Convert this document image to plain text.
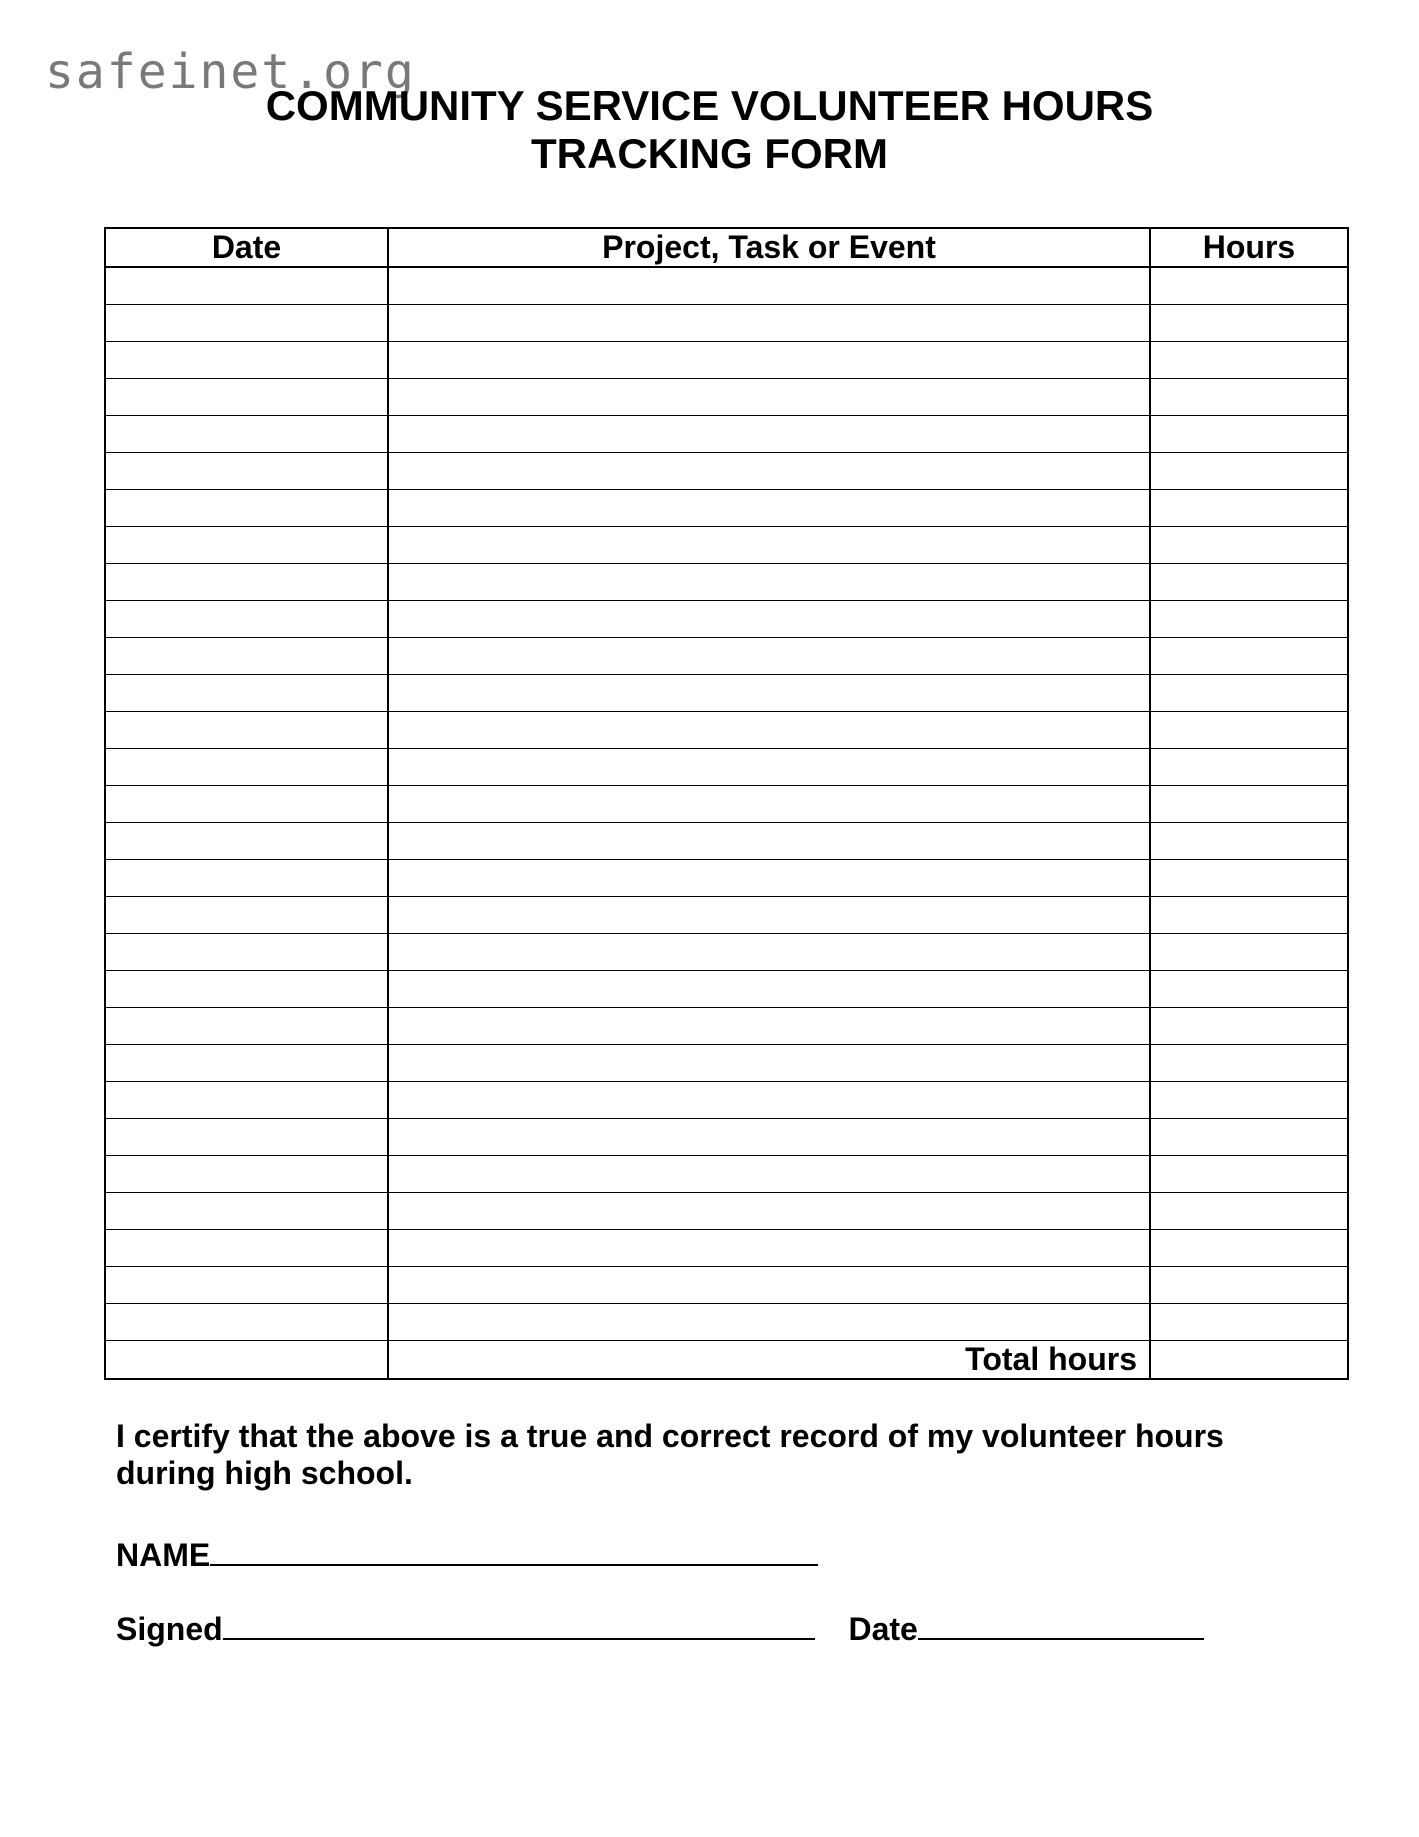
safeinet.org
COMMUNITY SERVICE VOLUNTEER HOURS
TRACKING FORM
Date	Project, Task or Event	Hours

	Total hours	
I certify that the above is a true and correct record of my volunteer hours during high school.
NAME
Signed	Date
